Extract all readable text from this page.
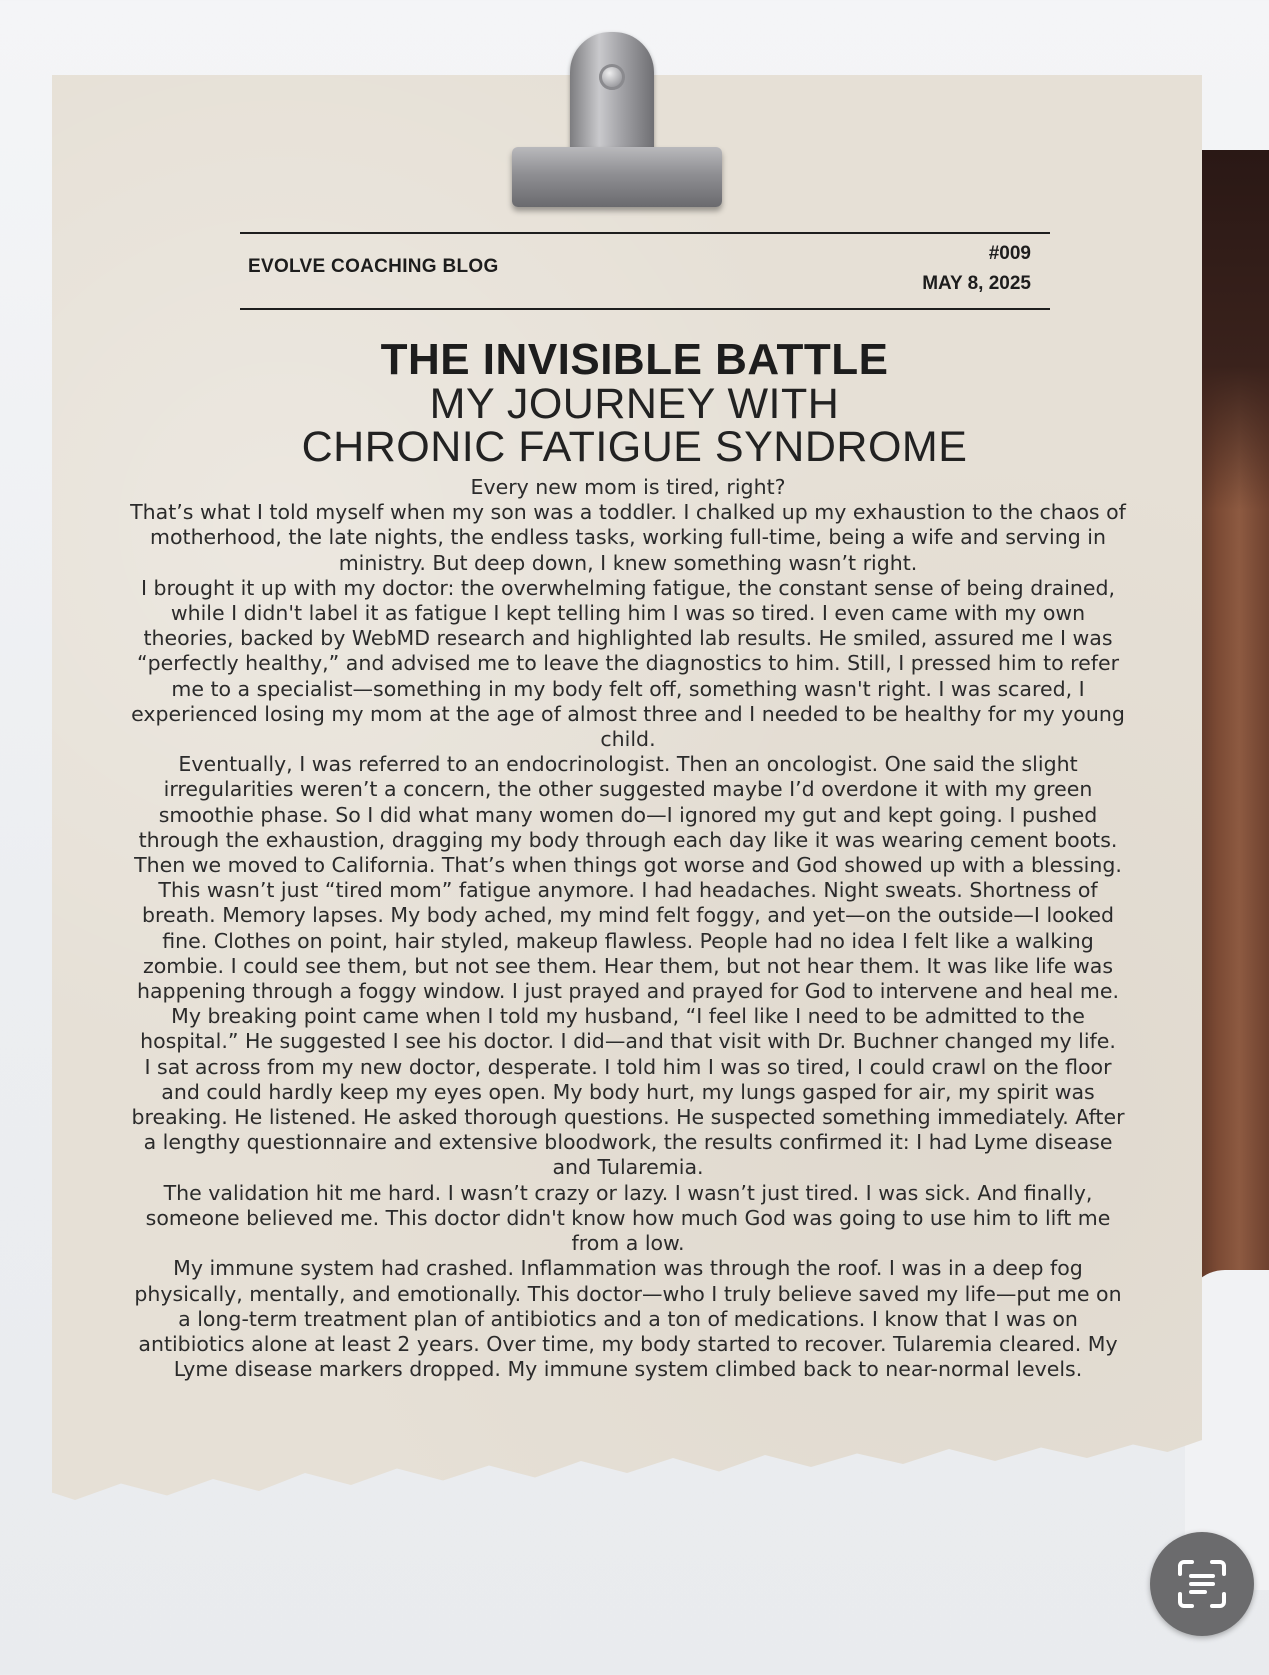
EVOLVE COACHING BLOG
#009
MAY 8, 2025
THE INVISIBLE BATTLE
MY JOURNEY WITH
CHRONIC FATIGUE SYNDROME

Every new mom is tired, right?

That’s what I told myself when my son was a toddler. I chalked up my exhaustion to the chaos of motherhood, the late nights, the endless tasks, working full-time, being a wife and serving in ministry. But deep down, I knew something wasn’t right.

I brought it up with my doctor: the overwhelming fatigue, the constant sense of being drained, while I didn't label it as fatigue I kept telling him I was so tired. I even came with my own theories, backed by WebMD research and highlighted lab results. He smiled, assured me I was “perfectly healthy,” and advised me to leave the diagnostics to him. Still, I pressed him to refer me to a specialist—something in my body felt off, something wasn't right. I was scared, I experienced losing my mom at the age of almost three and I needed to be healthy for my young child.

Eventually, I was referred to an endocrinologist. Then an oncologist. One said the slight irregularities weren’t a concern, the other suggested maybe I’d overdone it with my green smoothie phase. So I did what many women do—I ignored my gut and kept going. I pushed through the exhaustion, dragging my body through each day like it was wearing cement boots.

Then we moved to California. That’s when things got worse and God showed up with a blessing.

This wasn’t just “tired mom” fatigue anymore. I had headaches. Night sweats. Shortness of breath. Memory lapses. My body ached, my mind felt foggy, and yet—on the outside—I looked fine. Clothes on point, hair styled, makeup flawless. People had no idea I felt like a walking zombie. I could see them, but not see them. Hear them, but not hear them. It was like life was happening through a foggy window. I just prayed and prayed for God to intervene and heal me.

My breaking point came when I told my husband, “I feel like I need to be admitted to the hospital.” He suggested I see his doctor. I did—and that visit with Dr. Buchner changed my life.

I sat across from my new doctor, desperate. I told him I was so tired, I could crawl on the floor and could hardly keep my eyes open. My body hurt, my lungs gasped for air, my spirit was breaking. He listened. He asked thorough questions. He suspected something immediately. After a lengthy questionnaire and extensive bloodwork, the results confirmed it: I had Lyme disease and Tularemia.

The validation hit me hard. I wasn’t crazy or lazy. I wasn’t just tired. I was sick. And finally, someone believed me. This doctor didn't know how much God was going to use him to lift me from a low.

My immune system had crashed. Inflammation was through the roof. I was in a deep fog physically, mentally, and emotionally. This doctor—who I truly believe saved my life—put me on a long-term treatment plan of antibiotics and a ton of medications. I know that I was on antibiotics alone at least 2 years. Over time, my body started to recover. Tularemia cleared. My Lyme disease markers dropped. My immune system climbed back to near-normal levels.
